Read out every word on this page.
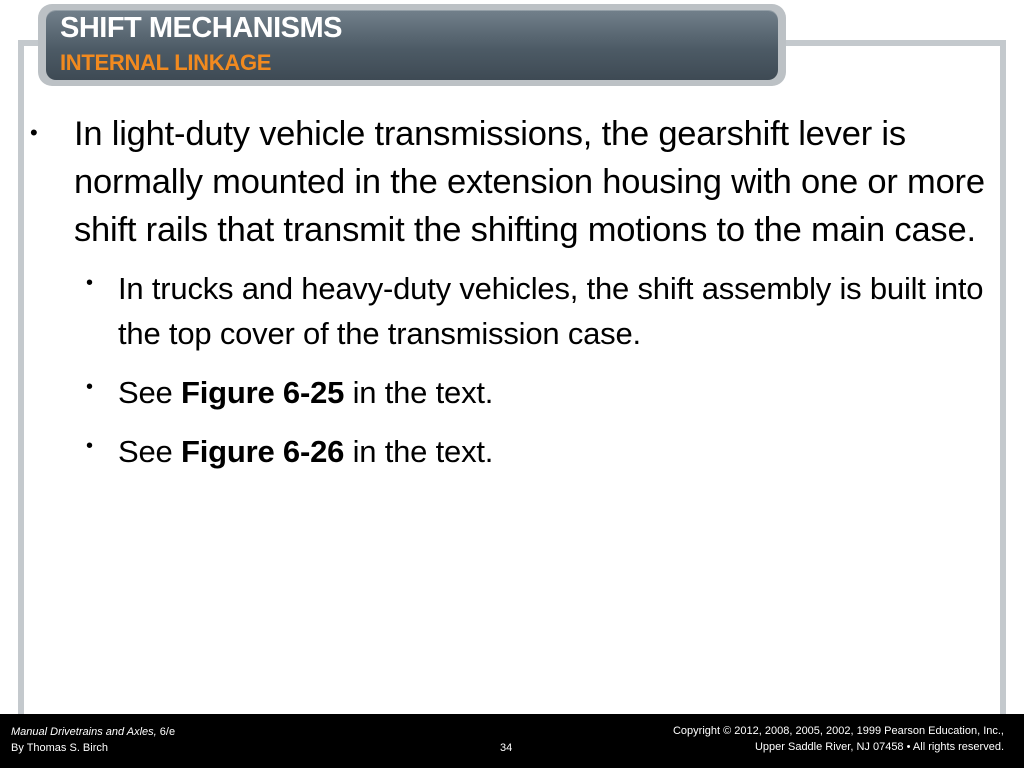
SHIFT MECHANISMS
INTERNAL LINKAGE
• In light-duty vehicle transmissions, the gearshift lever is normally mounted in the extension housing with one or more shift rails that transmit the shifting motions to the main case.
• In trucks and heavy-duty vehicles, the shift assembly is built into the top cover of the transmission case.
• See Figure 6-25 in the text.
• See Figure 6-26 in the text.
Manual Drivetrains and Axles, 6/e
By Thomas S. Birch	34
Copyright © 2012, 2008, 2005, 2002, 1999 Pearson Education, Inc.,
Upper Saddle River, NJ 07458 • All rights reserved.
